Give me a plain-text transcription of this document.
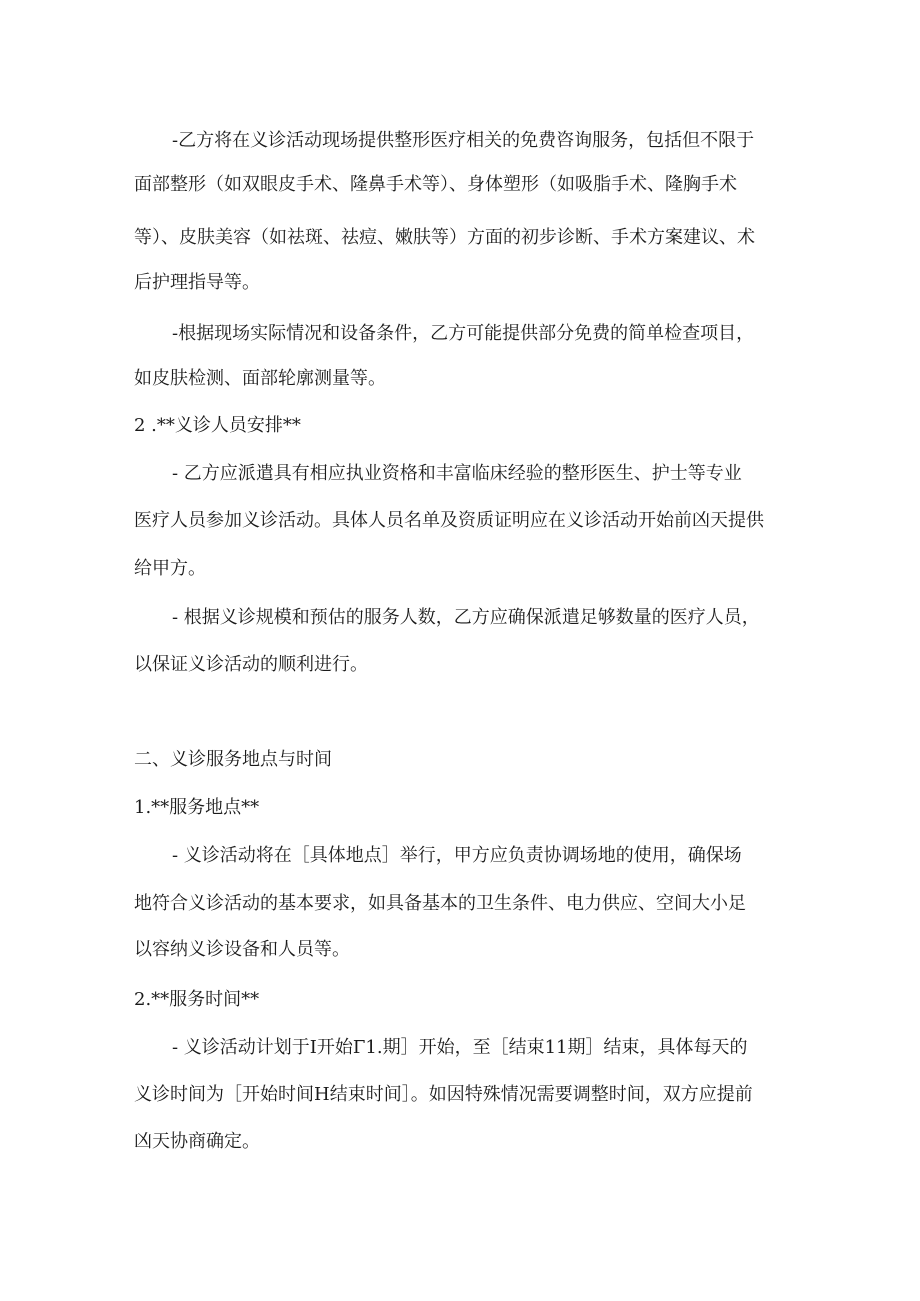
-乙方将在义诊活动现场提供整形医疗相关的免费咨询服务，包括但不限于
面部整形（如双眼皮手术、隆鼻手术等）、身体塑形（如吸脂手术、隆胸手术
等）、皮肤美容（如祛斑、祛痘、嫩肤等）方面的初步诊断、手术方案建议、术
后护理指导等。
-根据现场实际情况和设备条件，乙方可能提供部分免费的简单检查项目，
如皮肤检测、面部轮廓测量等。
2 .**义诊人员安排**
- 乙方应派遣具有相应执业资格和丰富临床经验的整形医生、护士等专业
医疗人员参加义诊活动。具体人员名单及资质证明应在义诊活动开始前凶天提供
给甲方。
- 根据义诊规模和预估的服务人数，乙方应确保派遣足够数量的医疗人员，
以保证义诊活动的顺利进行。
二、义诊服务地点与时间
1.**服务地点**
- 义诊活动将在［具体地点］举行，甲方应负责协调场地的使用，确保场
地符合义诊活动的基本要求，如具备基本的卫生条件、电力供应、空间大小足
以容纳义诊设备和人员等。
2.**服务时间**
- 义诊活动计划于I开始Γ1.期］开始，至［结束11期］结束，具体每天的
义诊时间为［开始时间H结束时间］。如因特殊情况需要调整时间，双方应提前
凶天协商确定。
